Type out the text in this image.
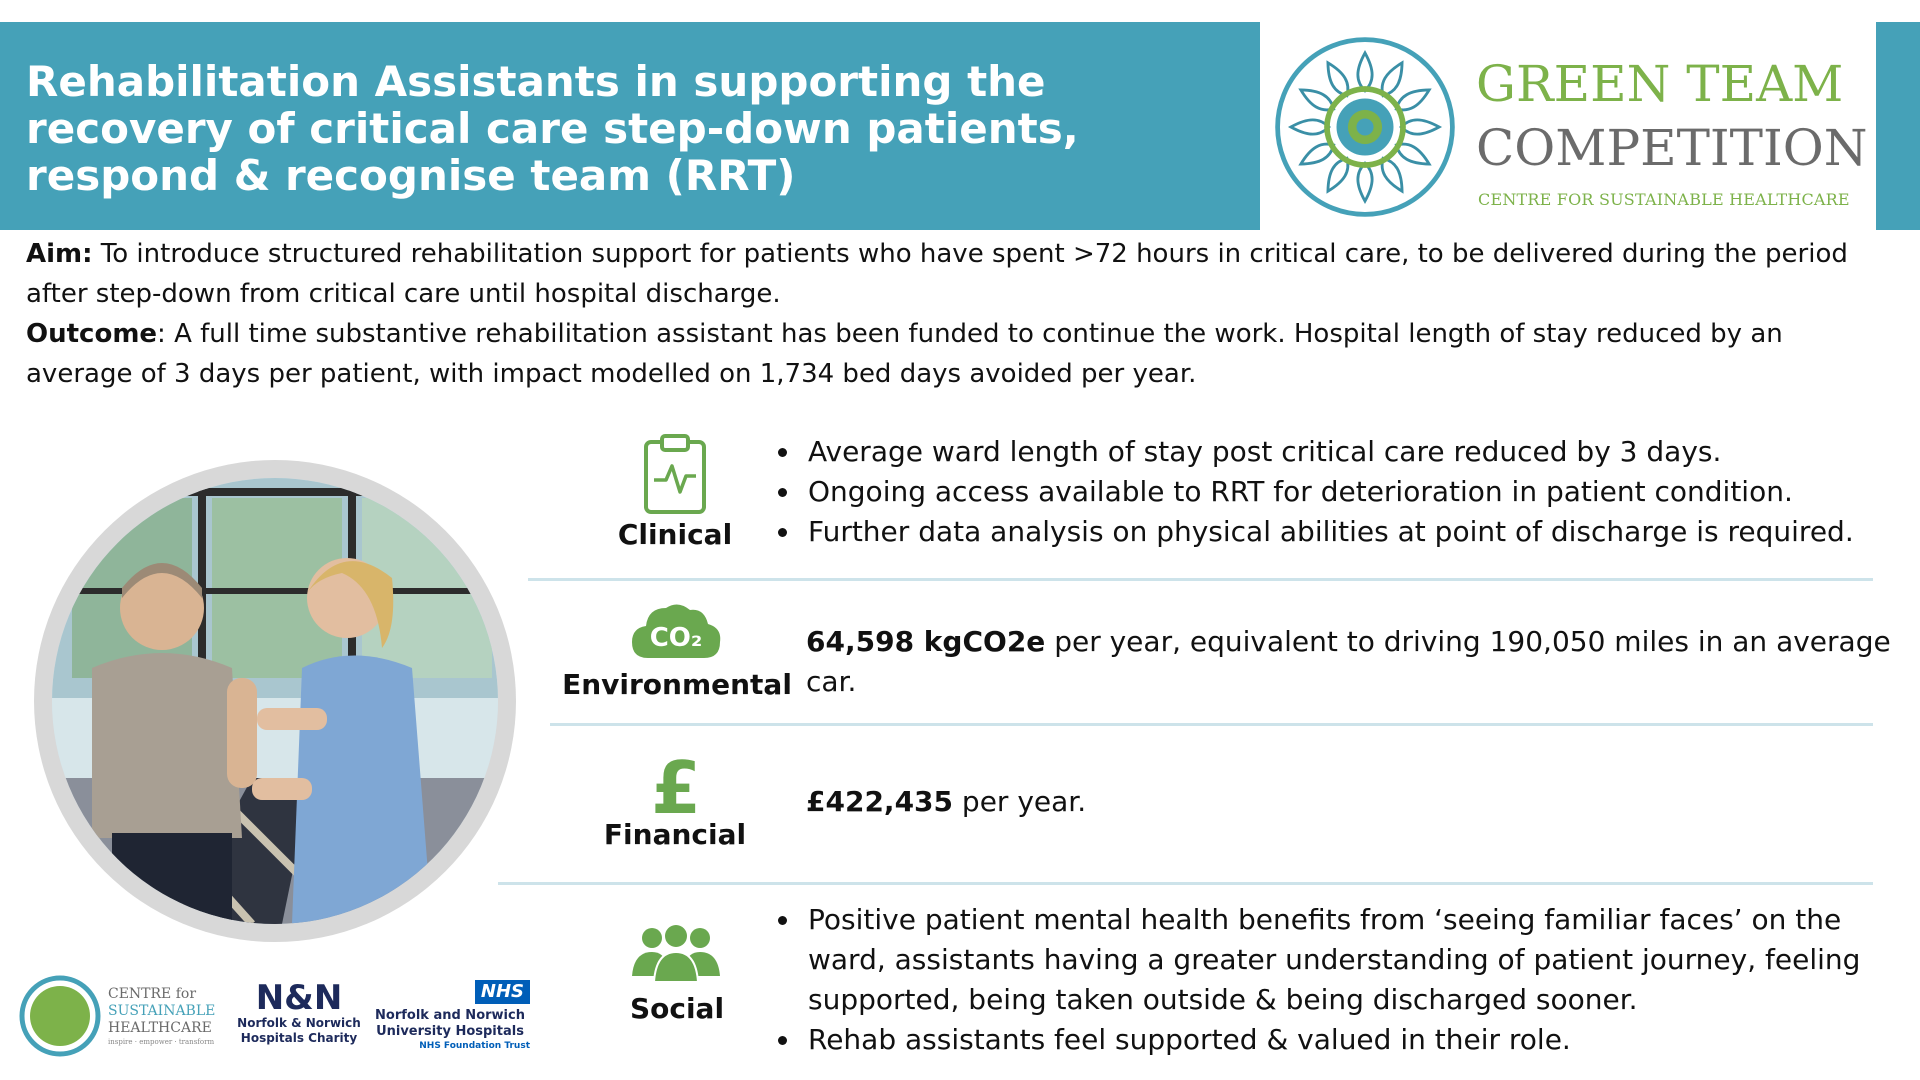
Rehabilitation Assistants in supporting the recovery of critical care step-down patients, respond & recognise team (RRT)
GREEN TEAM
COMPETITION
CENTRE FOR SUSTAINABLE HEALTHCARE

Aim: To introduce structured rehabilitation support for patients who have spent >72 hours in critical care, to be delivered during the period after step-down from critical care until hospital discharge.
Outcome: A full time substantive rehabilitation assistant has been funded to continue the work. Hospital length of stay reduced by an average of 3 days per patient, with impact modelled on 1,734 bed days avoided per year.

Clinical
Average ward length of stay post critical care reduced by 3 days.
Ongoing access available to RRT for deterioration in patient condition.
Further data analysis on physical abilities at point of discharge is required.
CO₂
Environmental
64,598 kgCO2e per year, equivalent to driving 190,050 miles in an average car.
£
Financial
£422,435 per year.
Social
Positive patient mental health benefits from ‘seeing familiar faces’ on the ward, assistants having a greater understanding of patient journey, feeling supported, being taken outside & being discharged sooner.
Rehab assistants feel supported & valued in their role.
CENTRE for
SUSTAINABLE
HEALTHCARE
inspire · empower · transform
N&N
Norfolk & Norwich
Hospitals Charity
NHS
Norfolk and Norwich
University Hospitals
NHS Foundation Trust
